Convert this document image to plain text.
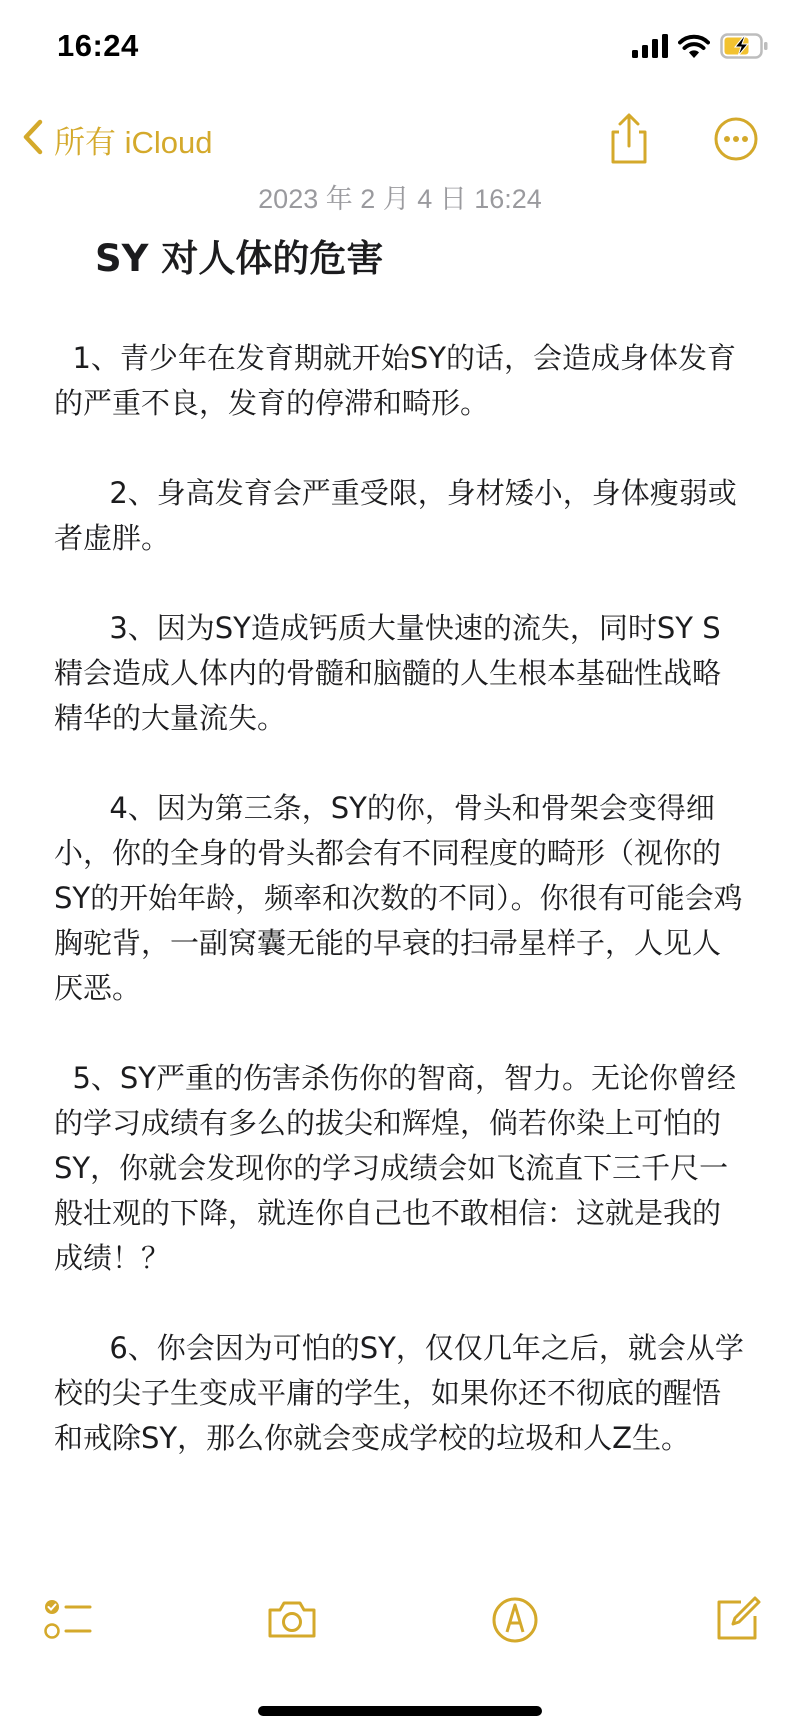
16:24
所有 iCloud
2023 年 2 月 4 日 16:24
SY 对人体的危害

1、青少年在发育期就开始SY的话，会造成身体发育的严重不良，发育的停滞和畸形。

2、身高发育会严重受限，身材矮小，身体瘦弱或者虚胖。

3、因为SY造成钙质大量快速的流失，同时SY S精会造成人体内的骨髓和脑髓的人生根本基础性战略精华的大量流失。

4、因为第三条，SY的你，骨头和骨架会变得细小，你的全身的骨头都会有不同程度的畸形（视你的SY的开始年龄，频率和次数的不同）。你很有可能会鸡胸驼背，一副窝囊无能的早衰的扫帚星样子，人见人厌恶。

5、SY严重的伤害杀伤你的智商，智力。无论你曾经的学习成绩有多么的拔尖和辉煌，倘若你染上可怕的SY，你就会发现你的学习成绩会如飞流直下三千尺一般壮观的下降，就连你自己也不敢相信：这就是我的成绩！？

6、你会因为可怕的SY，仅仅几年之后，就会从学校的尖子生变成平庸的学生，如果你还不彻底的醒悟和戒除SY，那么你就会变成学校的垃圾和人Z生。
